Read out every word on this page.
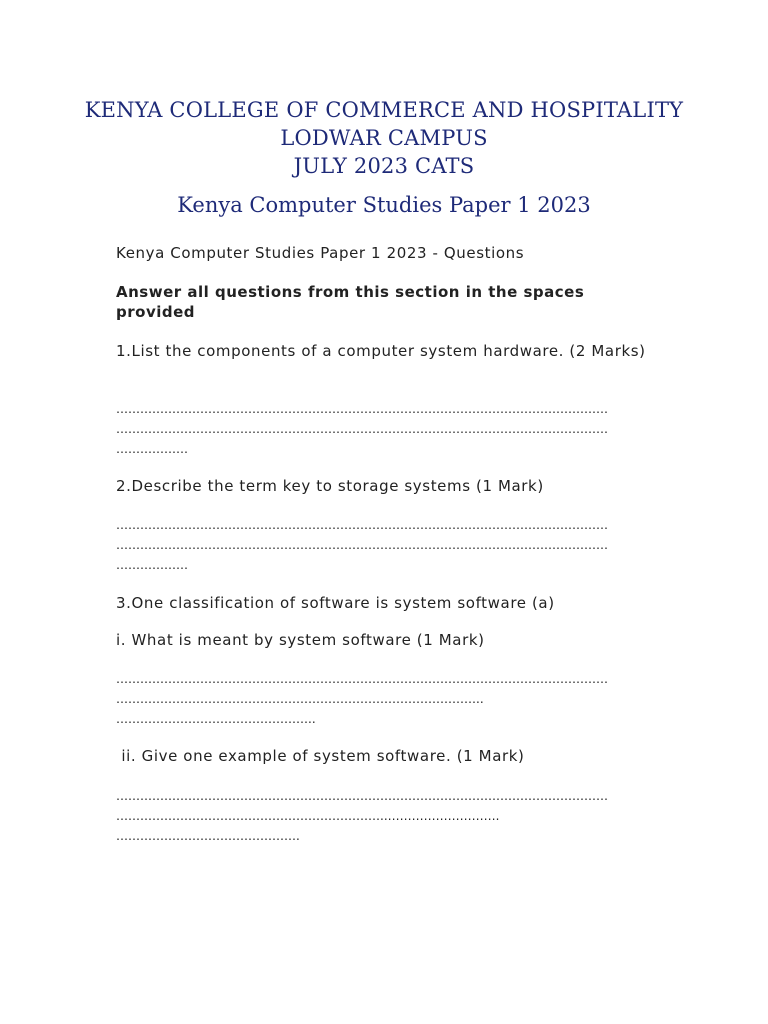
KENYA COLLEGE OF COMMERCE AND HOSPITALITY
LODWAR CAMPUS
JULY 2023 CATS
Kenya Computer Studies Paper 1 2023
Kenya Computer Studies Paper 1 2023 - Questions
Answer all questions from this section in the spaces provided
1.List the components of a computer system hardware. (2 Marks)
……………………………………………………………………………………………………………
……………………………………………………………………………………………………………
………………
2.Describe the term key to storage systems (1 Mark)
……………………………………………………………………………………………………………
……………………………………………………………………………………………………………
………………
3.One classification of software is system software (a)
i. What is meant by system software (1 Mark)
……………………………………………………………………………………………………………
………………………………………………………………………………..
…………………………………………..
ii. Give one example of system software. (1 Mark)
……………………………………………………………………………………………………………
…………………………………………………………..……………………….
……………………………………….
